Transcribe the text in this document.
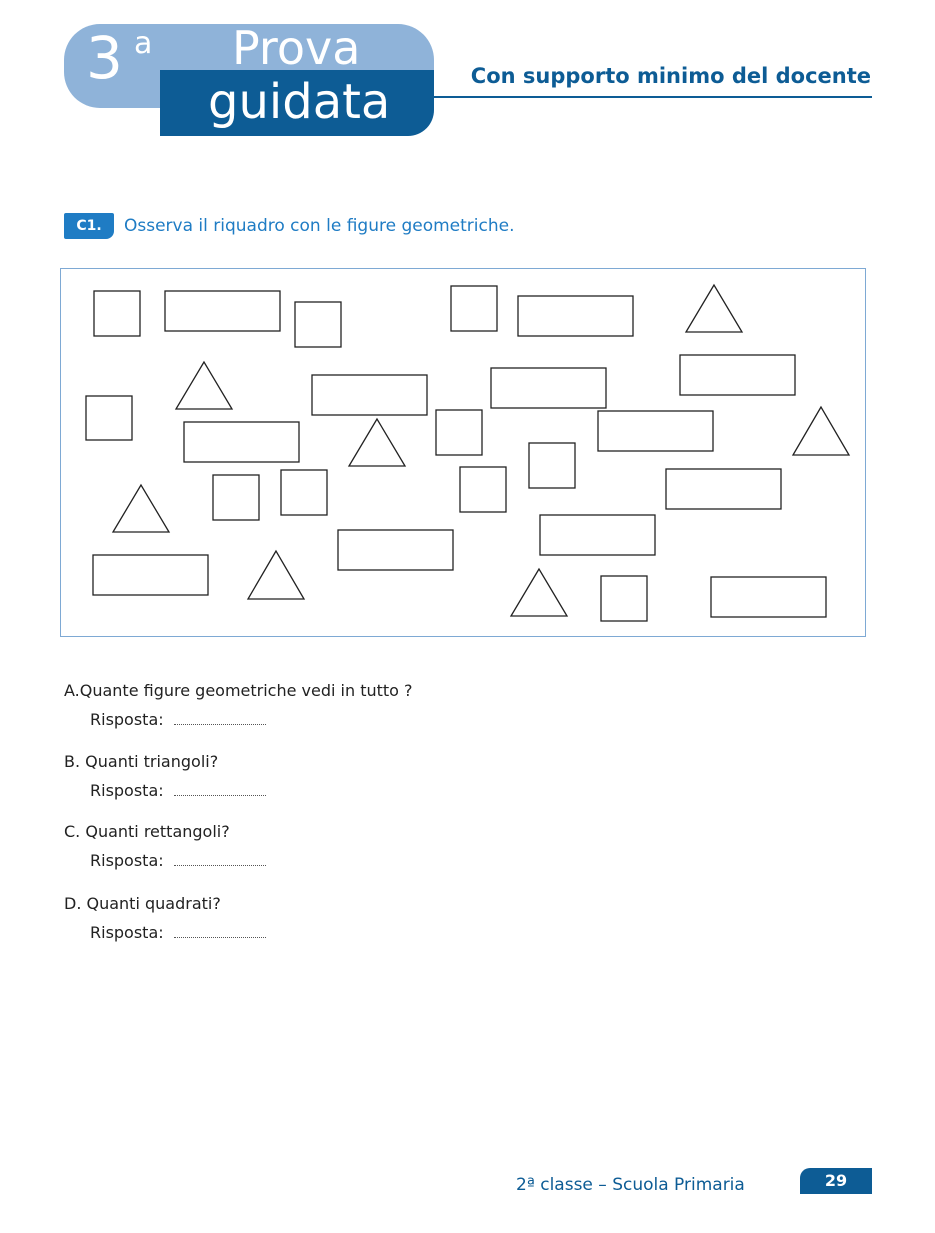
3 a Prova
guidata	Con supporto minimo del docente
C1.	Osserva il riquadro con le figure geometriche.
A.Quante figure geometriche vedi in tutto ?
Risposta:
B. Quanti triangoli?
Risposta:
C. Quanti rettangoli?
Risposta:
D. Quanti quadrati?
Risposta:
2ª classe – Scuola Primaria	29
